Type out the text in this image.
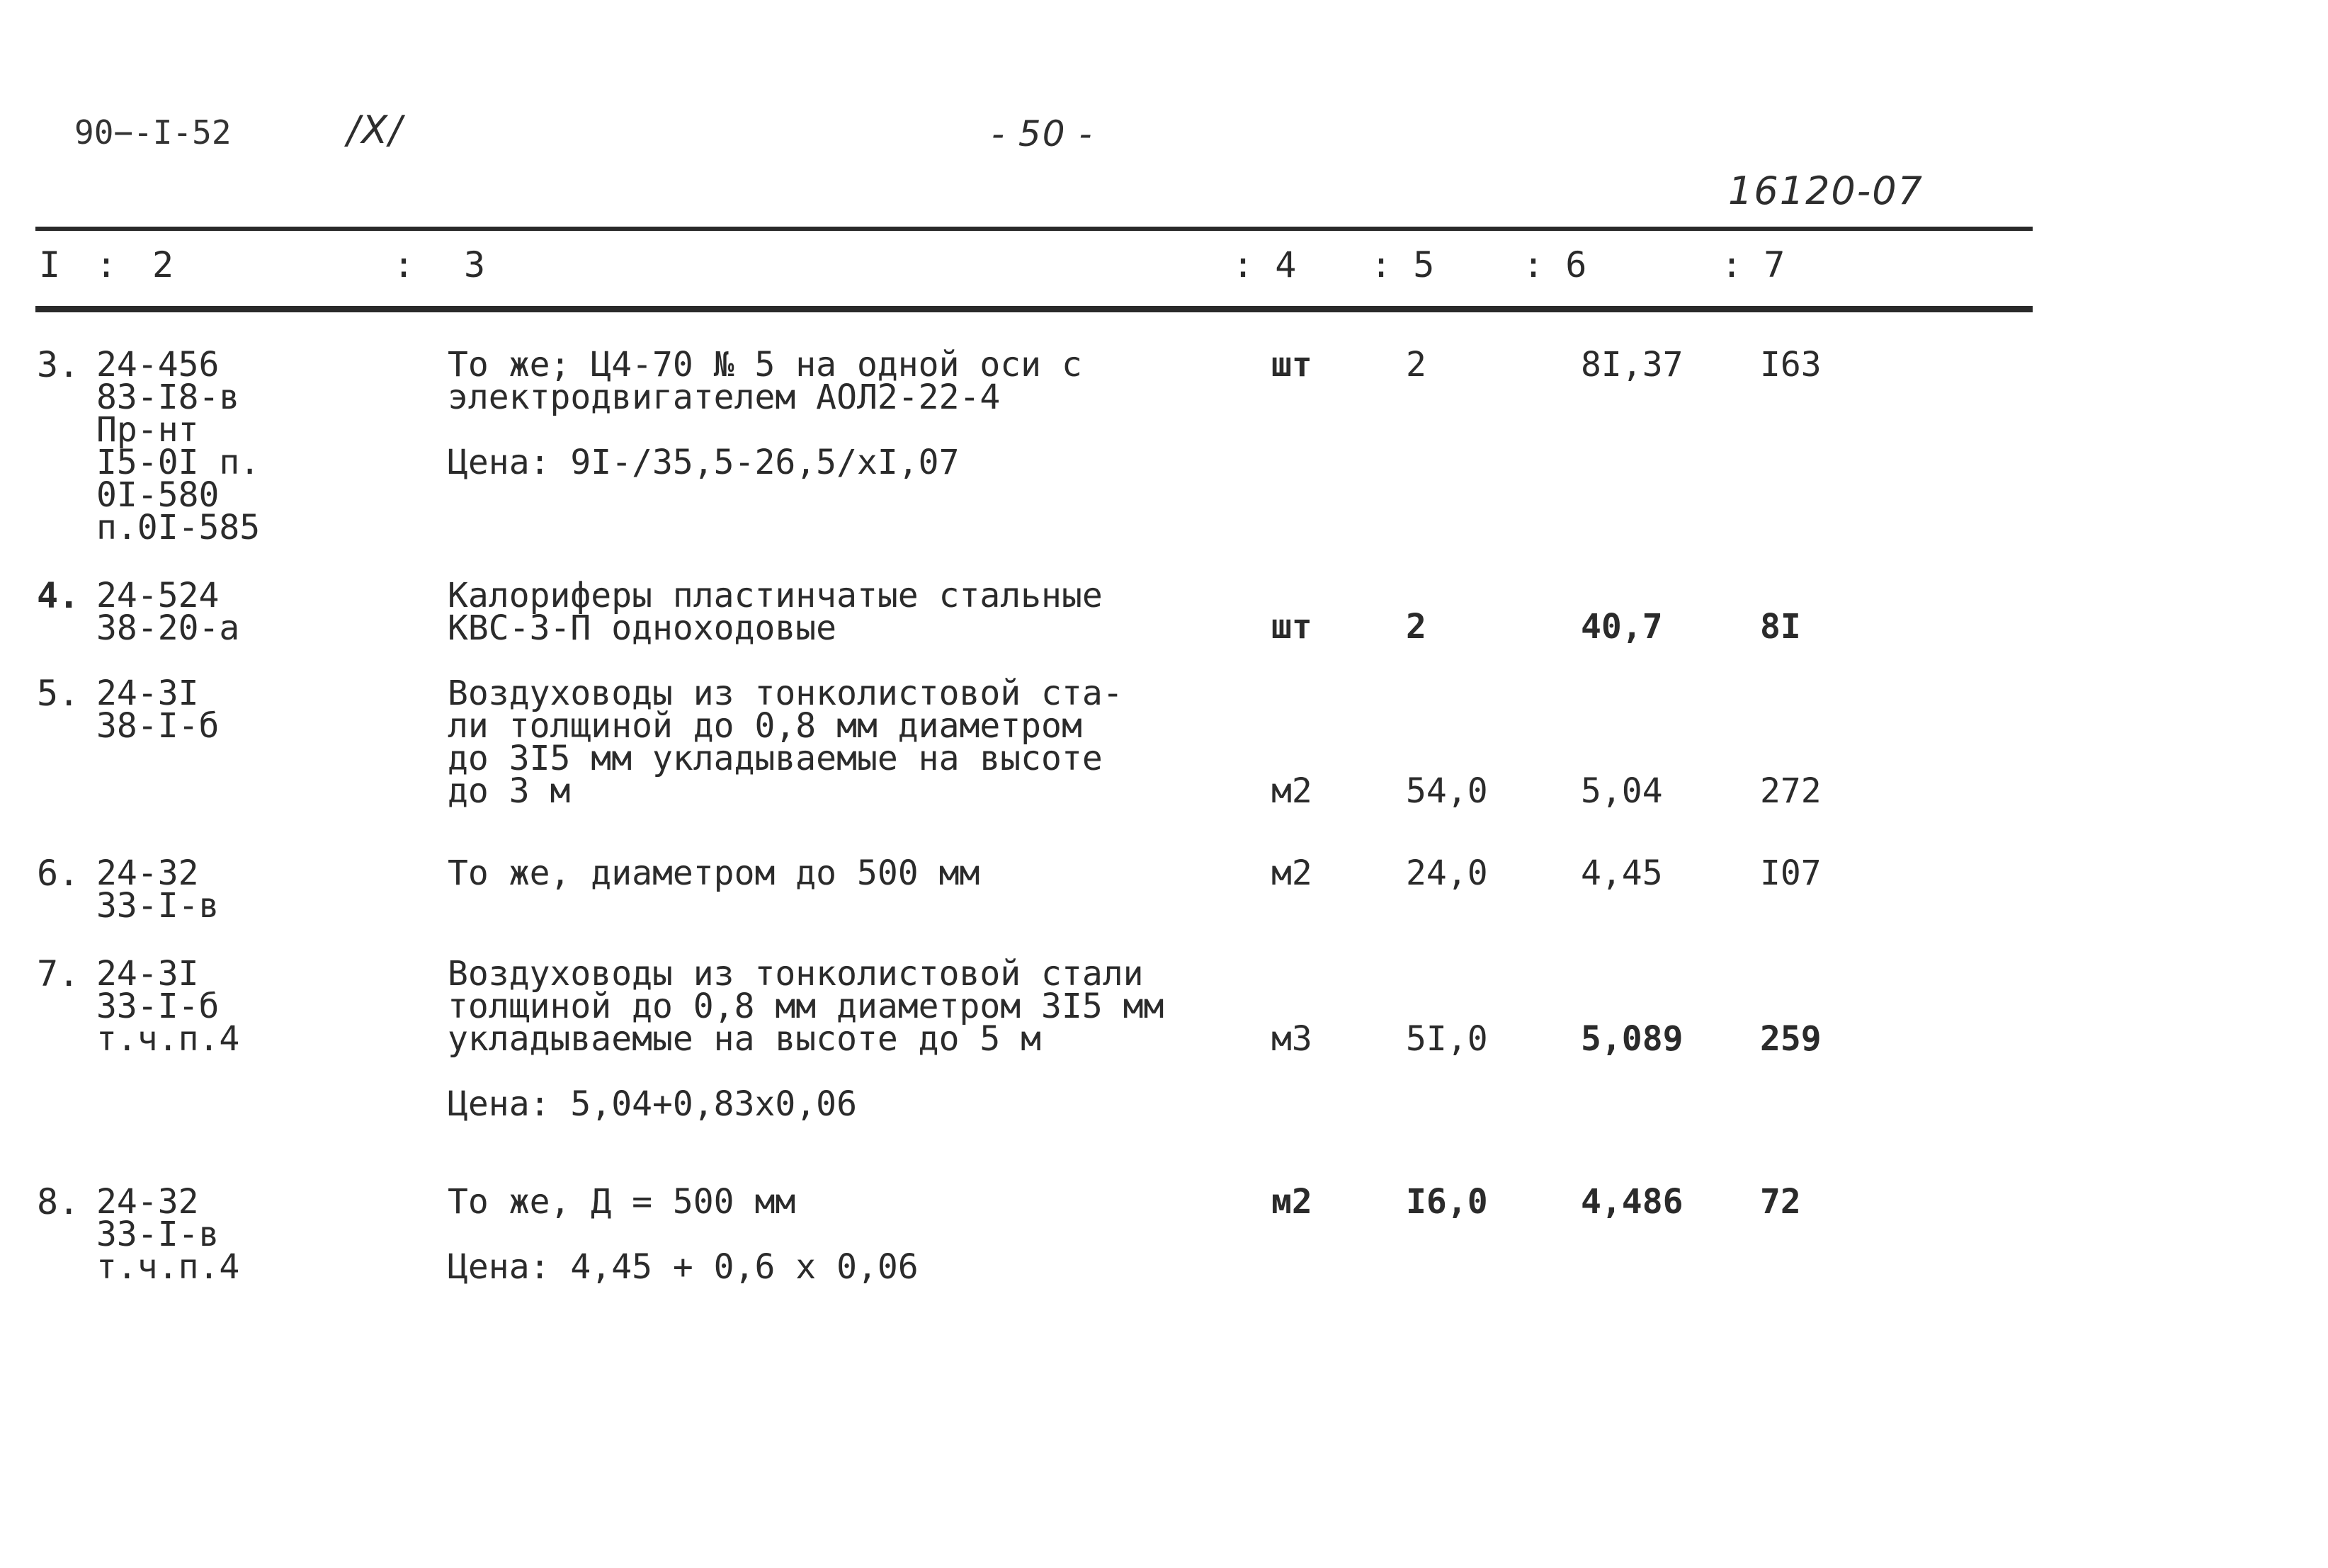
90−-I-52	/X/	- 50 -
16120-07
I : 2	: 3	: 4 : 5 : 6	: 7
3. 24-456
83-I8-в
Пр-нт
I5-0I п.
0I-580
п.0I-585
То же; Ц4-70 № 5 на одной оси с
электродвигателем АОЛ2-22-4
Цена: 9I-/35,5-26,5/хI,07
шт	2	8I,37 I63
4. 24-524
38-20-а
Калориферы пластинчатые стальные
КВС-3-П одноходовые	шт	2	40,7	8I
5. 24-3I
38-I-б
Воздуховоды из тонколистовой ста-
ли толщиной до 0,8 мм диаметром
до 3I5 мм укладываемые на высоте
до 3 м	м2	54,0	5,04	272
6. 24-32
33-I-в
То же, диаметром до 500 мм	м2	24,0	4,45	I07
7. 24-3I
33-I-б
т.ч.п.4
Воздуховоды из тонколистовой стали
толщиной до 0,8 мм диаметром 3I5 мм
укладываемые на высоте до 5 м
Цена: 5,04+0,83х0,06
м3	5I,0	5,089 259
8. 24-32
33-I-в
т.ч.п.4
То же, Д = 500 мм
Цена: 4,45 + 0,6 х 0,06
м2	I6,0	4,486 72
